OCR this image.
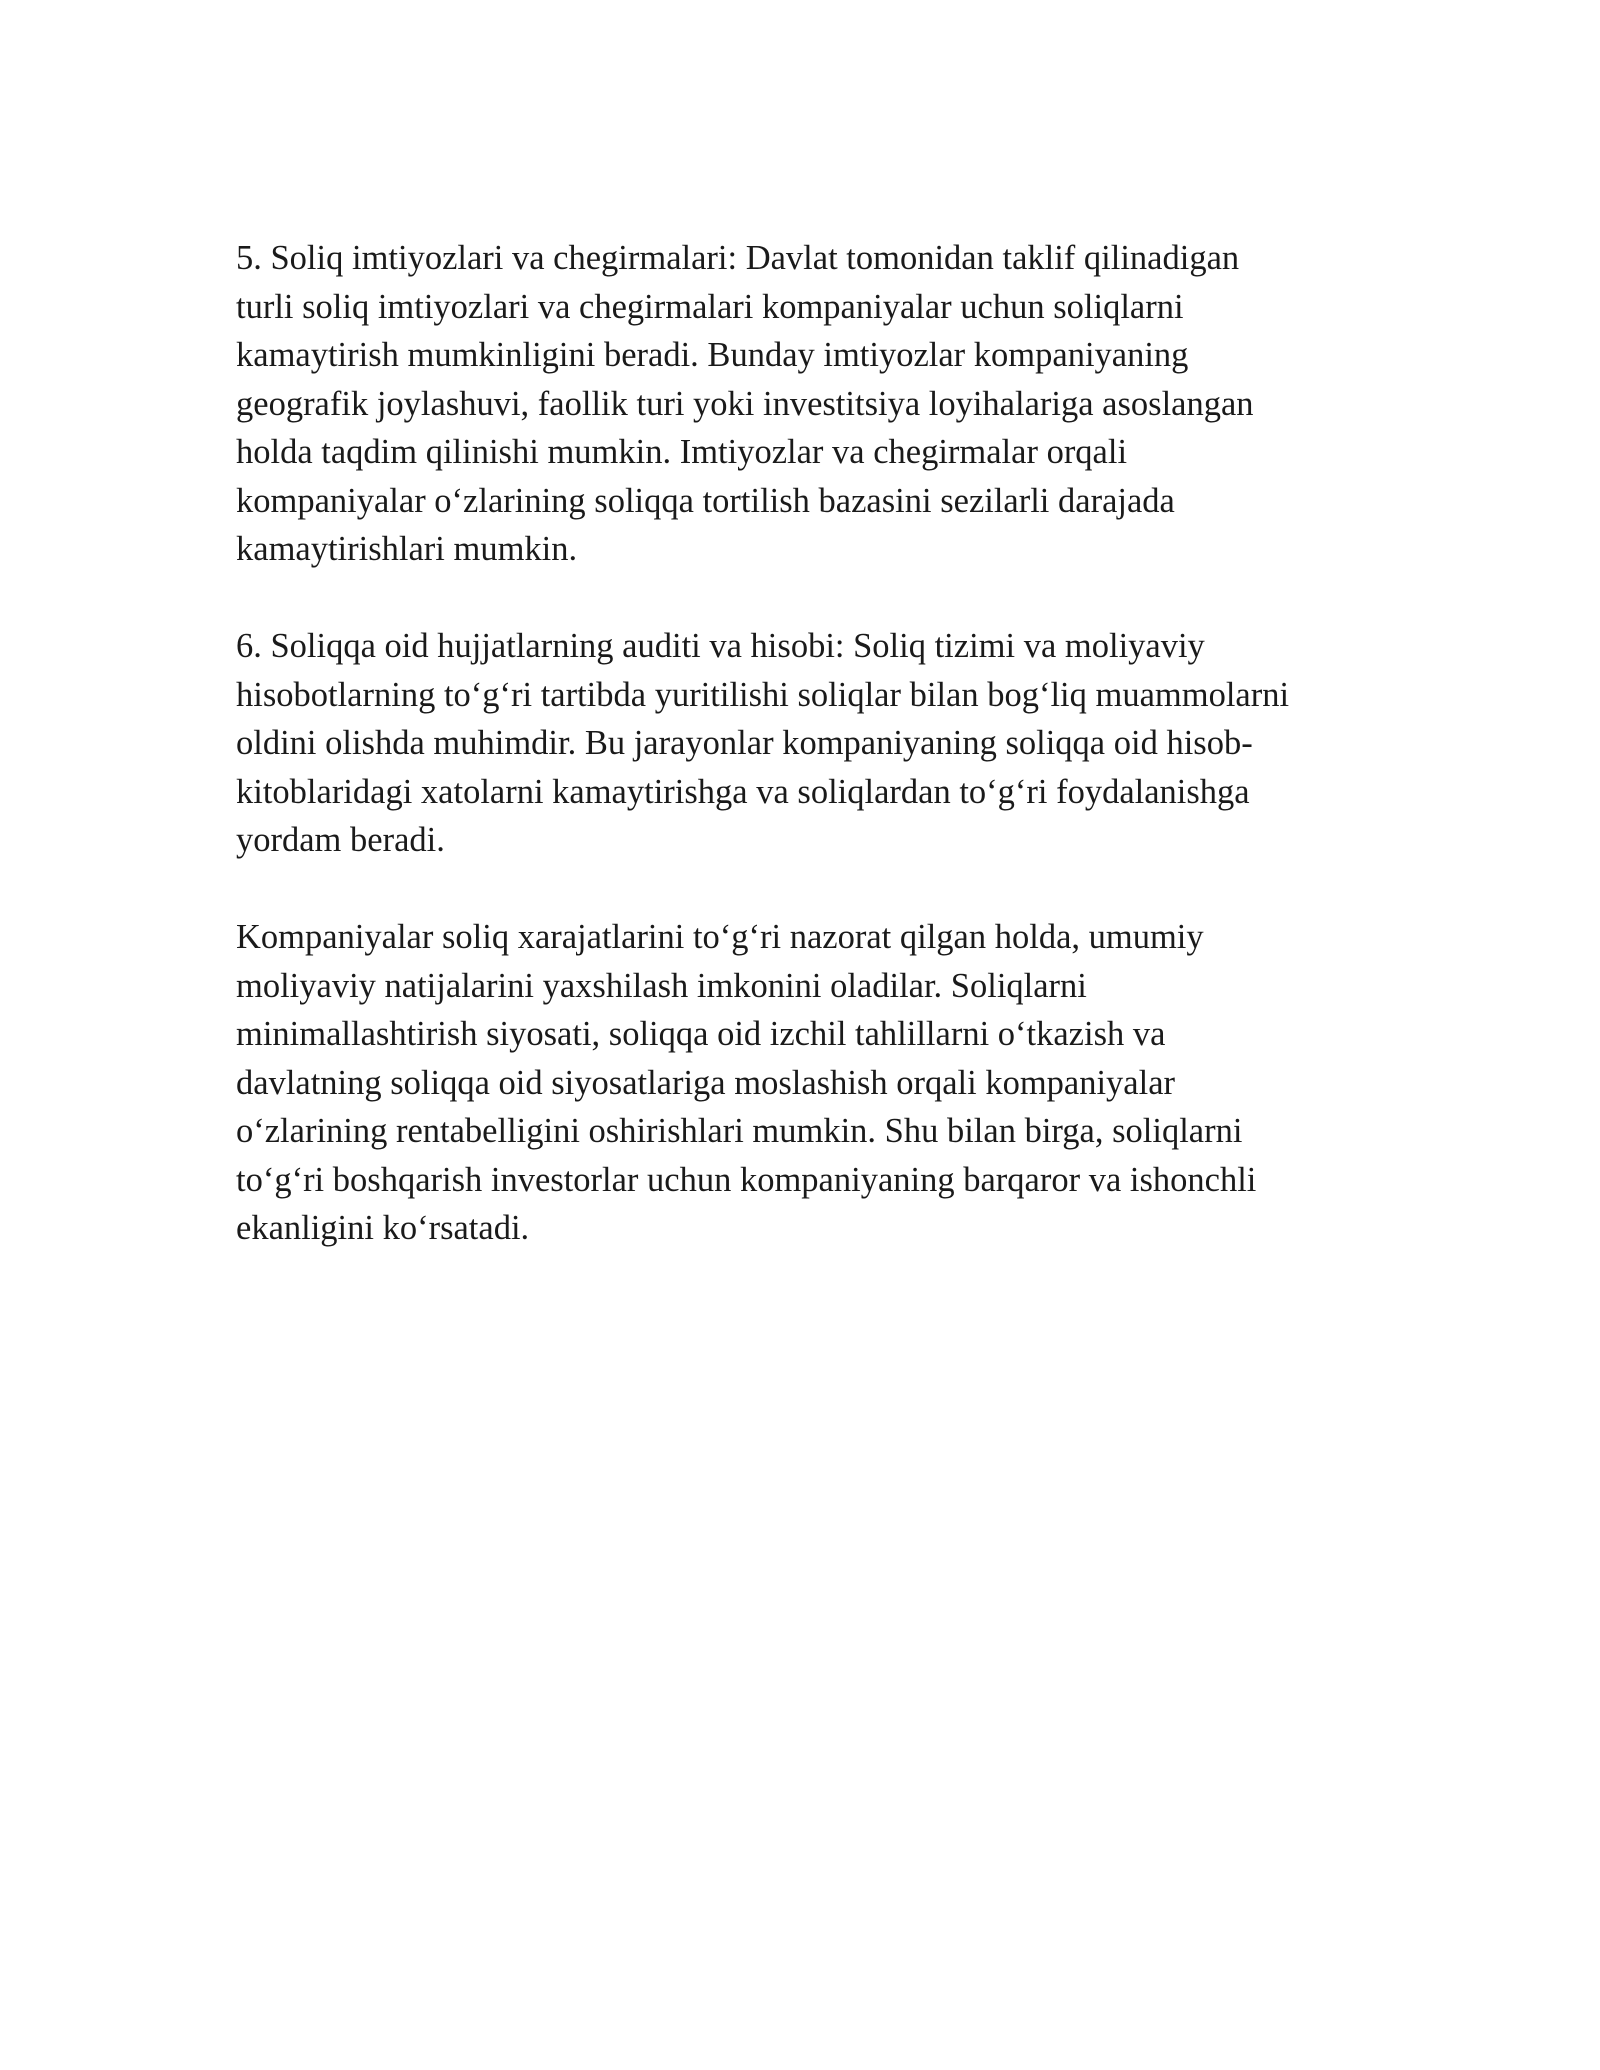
5. Soliq imtiyozlari va chegirmalari: Davlat tomonidan taklif qilinadigan
turli soliq imtiyozlari va chegirmalari kompaniyalar uchun soliqlarni
kamaytirish mumkinligini beradi. Bunday imtiyozlar kompaniyaning
geografik joylashuvi, faollik turi yoki investitsiya loyihalariga asoslangan
holda taqdim qilinishi mumkin. Imtiyozlar va chegirmalar orqali
kompaniyalar o‘zlarining soliqqa tortilish bazasini sezilarli darajada
kamaytirishlari mumkin.

6. Soliqqa oid hujjatlarning auditi va hisobi: Soliq tizimi va moliyaviy
hisobotlarning to‘g‘ri tartibda yuritilishi soliqlar bilan bog‘liq muammolarni
oldini olishda muhimdir. Bu jarayonlar kompaniyaning soliqqa oid hisob-
kitoblaridagi xatolarni kamaytirishga va soliqlardan to‘g‘ri foydalanishga
yordam beradi.

Kompaniyalar soliq xarajatlarini to‘g‘ri nazorat qilgan holda, umumiy
moliyaviy natijalarini yaxshilash imkonini oladilar. Soliqlarni
minimallashtirish siyosati, soliqqa oid izchil tahlillarni o‘tkazish va
davlatning soliqqa oid siyosatlariga moslashish orqali kompaniyalar
o‘zlarining rentabelligini oshirishlari mumkin. Shu bilan birga, soliqlarni
to‘g‘ri boshqarish investorlar uchun kompaniyaning barqaror va ishonchli
ekanligini ko‘rsatadi.
